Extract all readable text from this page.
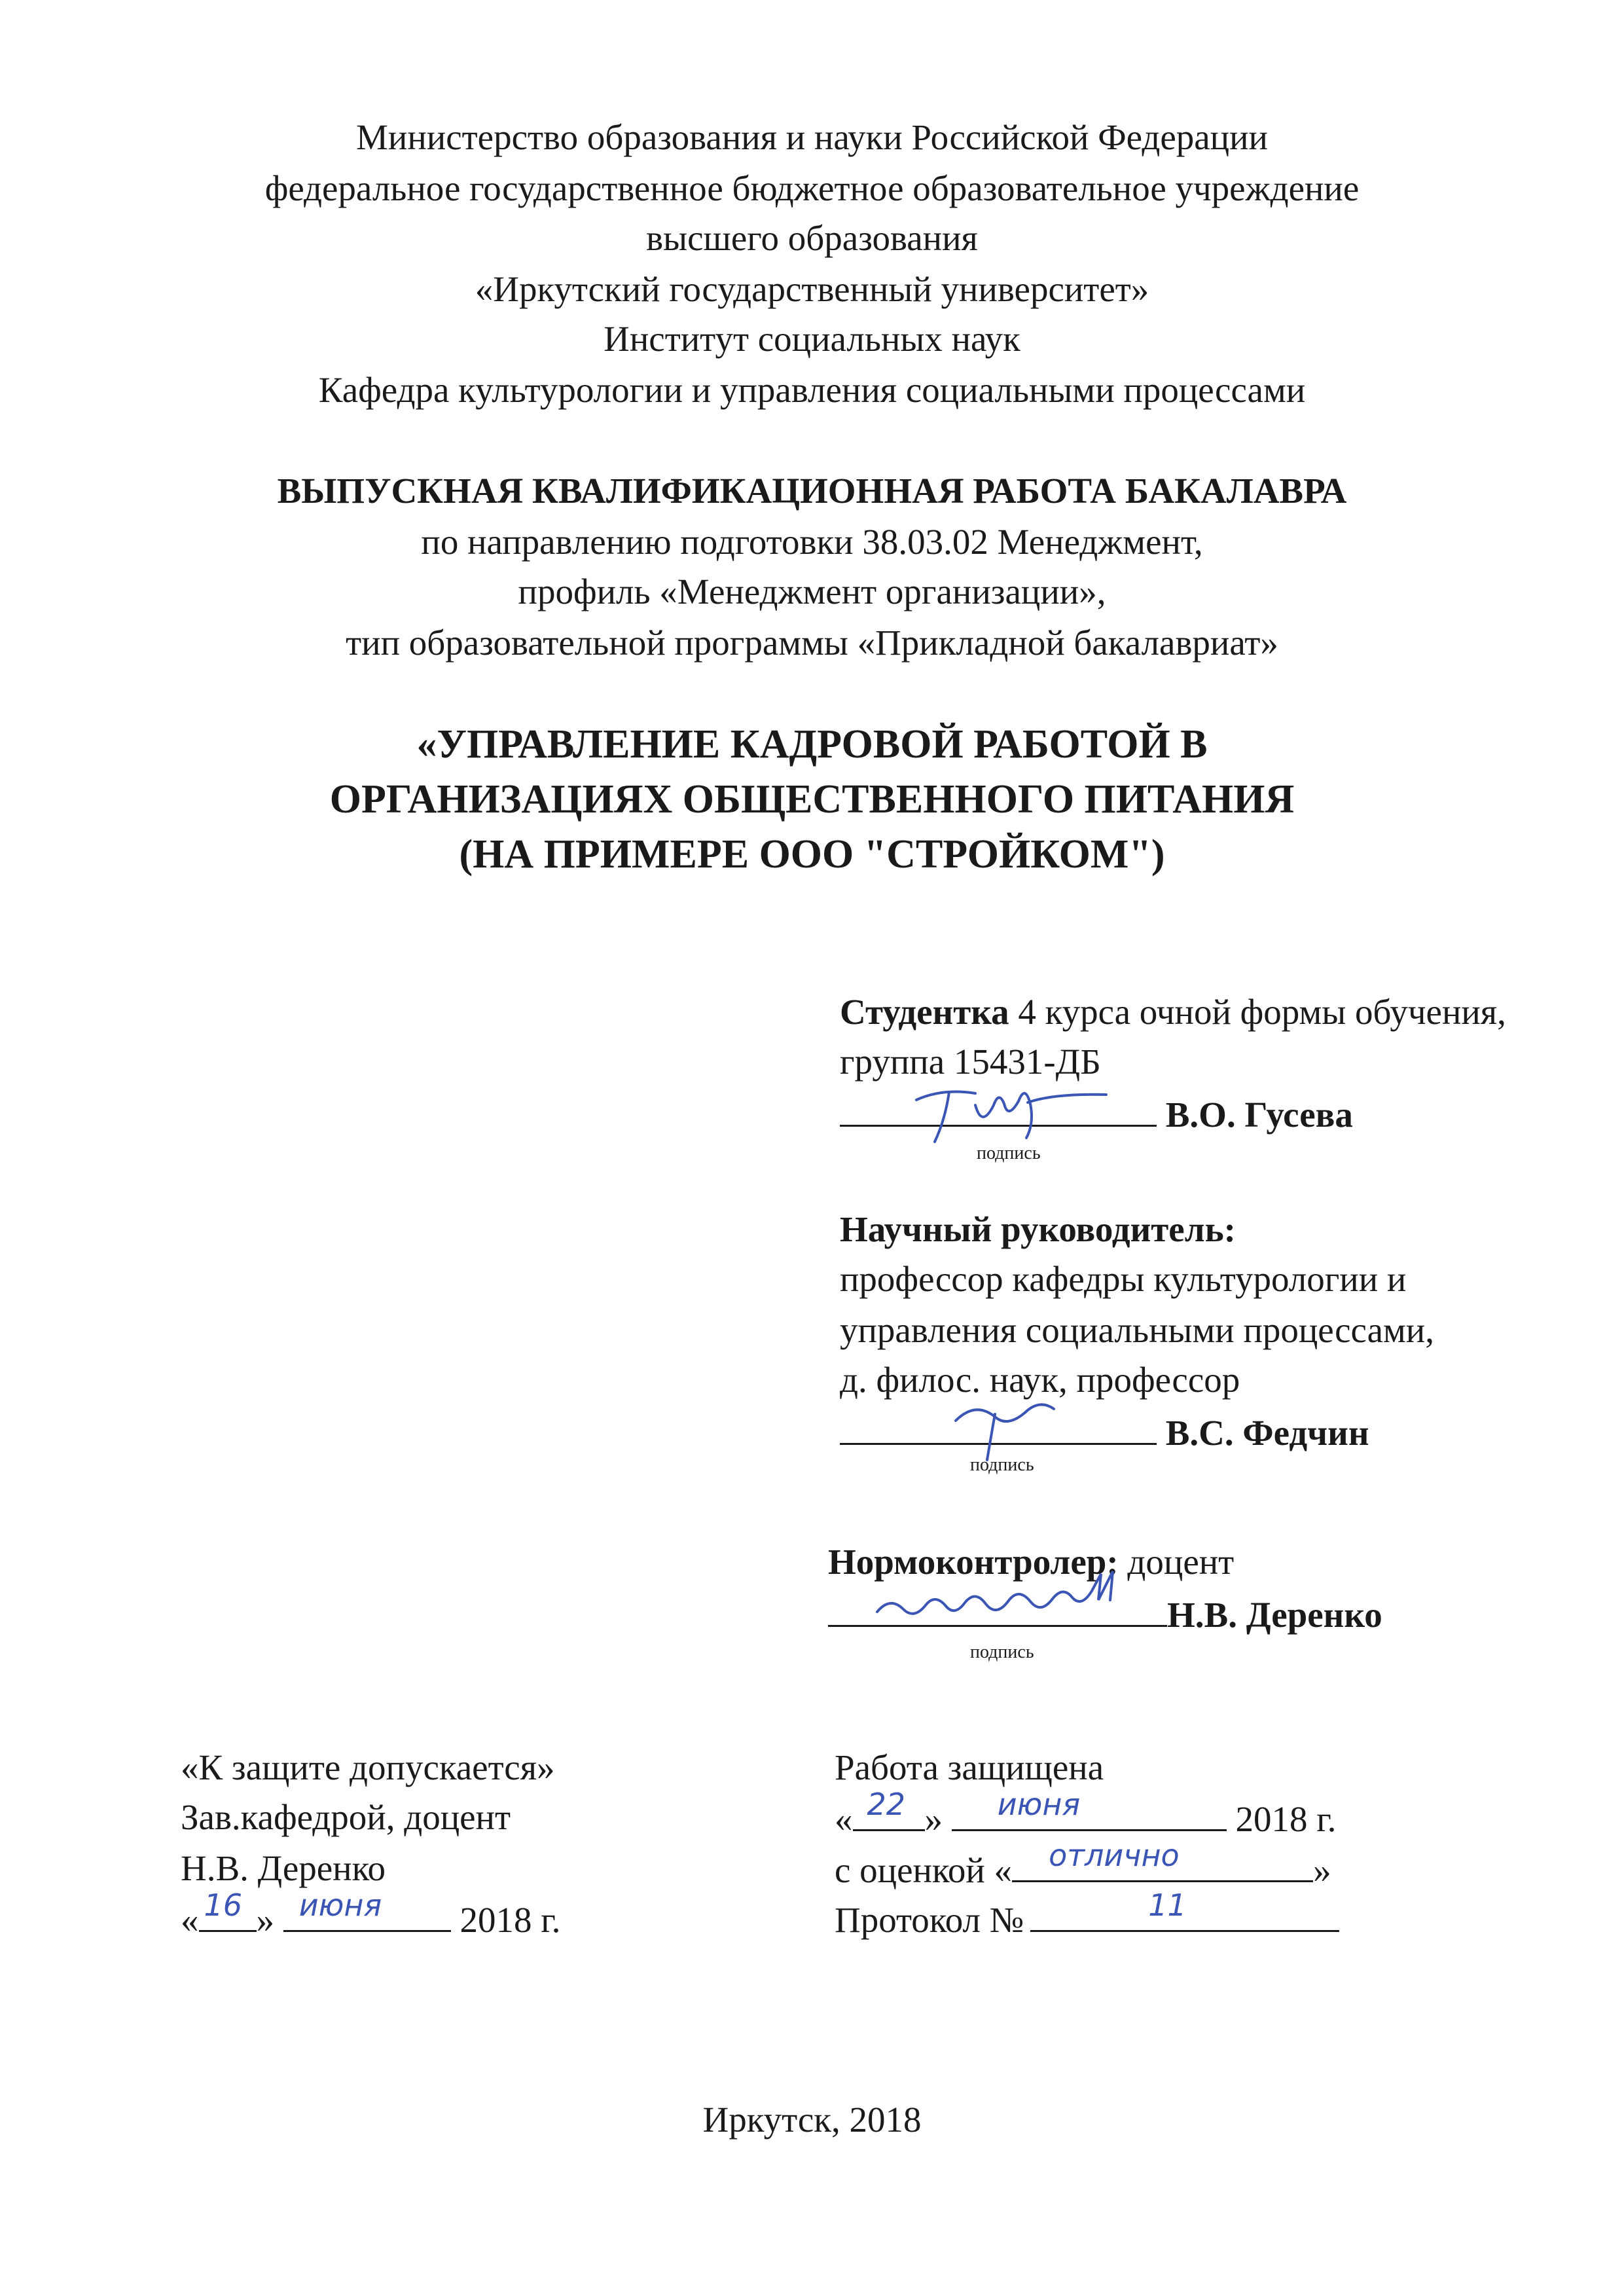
Министерство образования и науки Российской Федерации
федеральное государственное бюджетное образовательное учреждение
высшего образования
«Иркутский государственный университет»
Институт социальных наук
Кафедра культурологии и управления социальными процессами
ВЫПУСКНАЯ КВАЛИФИКАЦИОННАЯ РАБОТА БАКАЛАВРА
по направлению подготовки 38.03.02 Менеджмент,
профиль «Менеджмент организации»,
тип образовательной программы «Прикладной бакалавриат»
«УПРАВЛЕНИЕ КАДРОВОЙ РАБОТОЙ В
ОРГАНИЗАЦИЯХ ОБЩЕСТВЕННОГО ПИТАНИЯ
(НА ПРИМЕРЕ ООО "СТРОЙКОМ")
Студентка 4 курса очной формы обучения,
группа 15431-ДБ
В.О. Гусева
подпись
Научный руководитель:
профессор кафедры культурологии и
управления социальными процессами,
д. филос. наук, профессор
В.С. Федчин
подпись
Нормоконтролер: доцент
Н.В. Деренко
подпись
«К защите допускается»
Зав.кафедрой, доцент
Н.В. Деренко
« 16 » июня 2018 г.
Работа защищена
« 22 » июня	2018 г.
с оценкой « отлично	»
Протокол №	11
Иркутск, 2018
